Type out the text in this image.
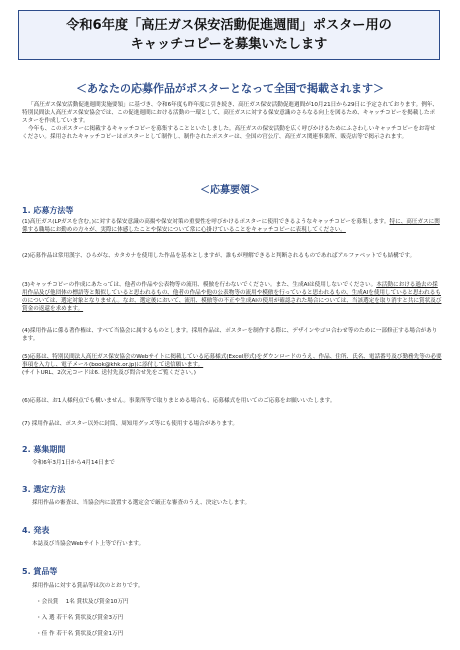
令和6年度「高圧ガス保安活動促進週間」ポスター用の
キャッチコピーを募集いたします
＜あなたの応募作品がポスターとなって全国で掲載されます＞

「高圧ガス保安活動促進週間実施要領」に基づき、令和6年度も昨年度に引き続き、高圧ガス保安活動促進週間が10月21日から29日に予定されております。例年、特別民間法人高圧ガス保安協会では、この促進週間における活動の一環として、高圧ガスに対する保安意識のさらなる向上を図るため、キャッチコピーを掲載したポスターを作成しています。

今年も、このポスターに掲載するキャッチコピーを募集することといたしました。高圧ガスの保安活動を広く呼びかけるためにふさわしいキャッチコピーをお寄せください。採用されたキャッチコピーはポスターとして制作し、制作されたポスターは、全国の官公庁、高圧ガス関連事業所、販売店等で掲示されます。

＜応募要領＞
1. 応募方法等

(1)高圧ガス(LPガスを含む。)に対する保安意識の高揚や保安対策の重要性を呼びかけるポスターに使用できるようなキャッチコピーを募集します。特に、高圧ガスに関係する職場にお勤めの方々が、実際に体感したことや保安について常に心掛けていることをキャッチコピーに表現してください。

(2)応募作品は常用漢字、ひらがな、カタカナを使用した作品を基本としますが、誰もが理解できると判断されるものであればアルファベットでも結構です。

(3)キャッチコピーの作成にあたっては、他者の作品や公表物等の流用、模倣を行わないでください。また、生成AIは使用しないでください。本活動における過去の採用作品及び他団体の標語等と類似していると思われるもの、他者の作品や他の公表物等の流用や模倣を行っていると思われるもの、生成AIを使用していると思われるものについては、選定対象となりません。なお、選定後において、流用、模倣等の不正や生成AIの使用が確認された場合については、当該選定を取り消すと共に賞状及び賞金の返還を求めます。

(4)採用作品に係る著作権は、すべて当協会に属するものとします。採用作品は、ポスターを制作する際に、デザインやゴロ合わせ等のために一部修正する場合があります。

(5)応募は、特別民間法人高圧ガス保安協会のWebサイトに掲載している応募様式(Excel形式)をダウンロードのうえ、作品、住所、氏名、電話番号及び勤務先等の必要事項を入力し、電子メール(book@khk.or.jp)に添付して送信願います。
(サイトURL、2次元コードは6. 送付先及び問合せ先をご覧ください。)

(6)応募は、お1人様何点でも構いません。事業所等で取りまとめる場合も、応募様式を用いてのご応募をお願いいたします。

(7) 採用作品は、ポスター以外に封筒、周知用グッズ等にも使用する場合があります。

2. 募集期間
令和6年3月1日から4月14日まで
3. 選定方法
採用作品の審査は、当協会内に設置する選定会で厳正な審査のうえ、決定いたします。
4. 発表
本誌及び当協会Webサイト上等で行います。
5. 賞品等
採用作品に対する賞品等は次のとおりです。
・会長賞　 1名 賞状及び賞金10万円
・入 選 若干名 賞状及び賞金3万円
・佳 作 若干名 賞状及び賞金1万円
